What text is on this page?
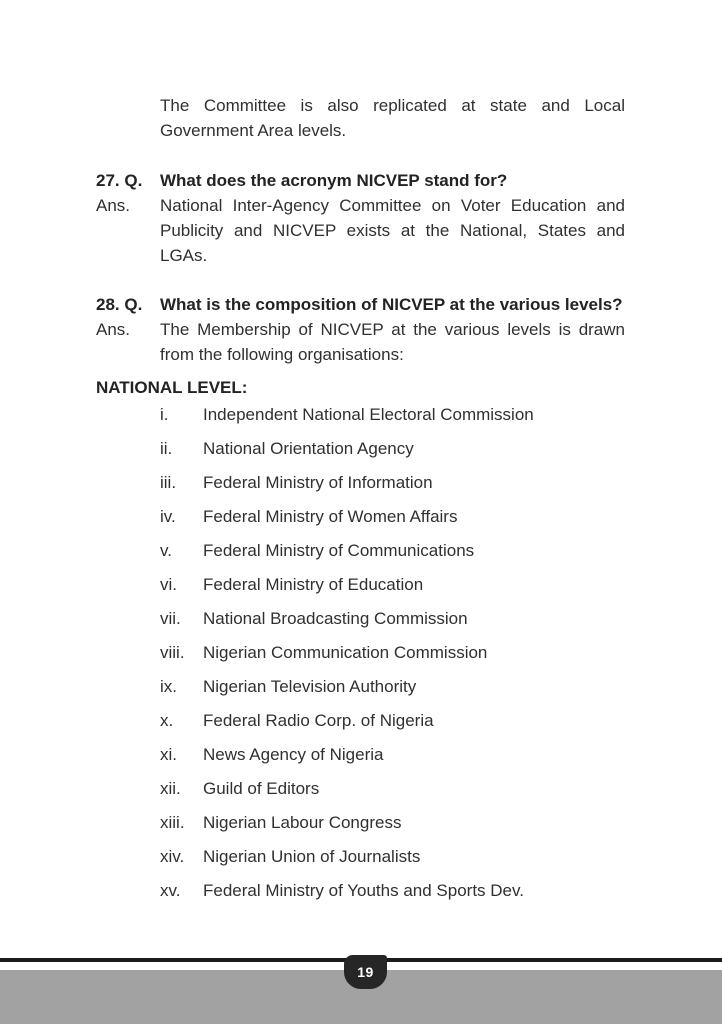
The Committee is also replicated at state and Local Government Area levels.

27. Q.	What does the acronym NICVEP stand for?
Ans.	National Inter-Agency Committee on Voter Education and Publicity and NICVEP exists at the National, States and LGAs.
28. Q.	What is the composition of NICVEP at the various levels?
Ans.	The Membership of NICVEP at the various levels is drawn from the following organisations:
NATIONAL LEVEL:
i.	Independent National Electoral Commission
ii.	National Orientation Agency
iii.	Federal Ministry of Information
iv.	Federal Ministry of Women Affairs
v.	Federal Ministry of Communications
vi.	Federal Ministry of Education
vii.	National Broadcasting Commission
viii.	Nigerian Communication Commission
ix.	Nigerian Television Authority
x.	Federal Radio Corp. of Nigeria
xi.	News Agency of Nigeria
xii.	Guild of Editors
xiii.	Nigerian Labour Congress
xiv.	Nigerian Union of Journalists
xv.	Federal Ministry of Youths and Sports Dev.
19
